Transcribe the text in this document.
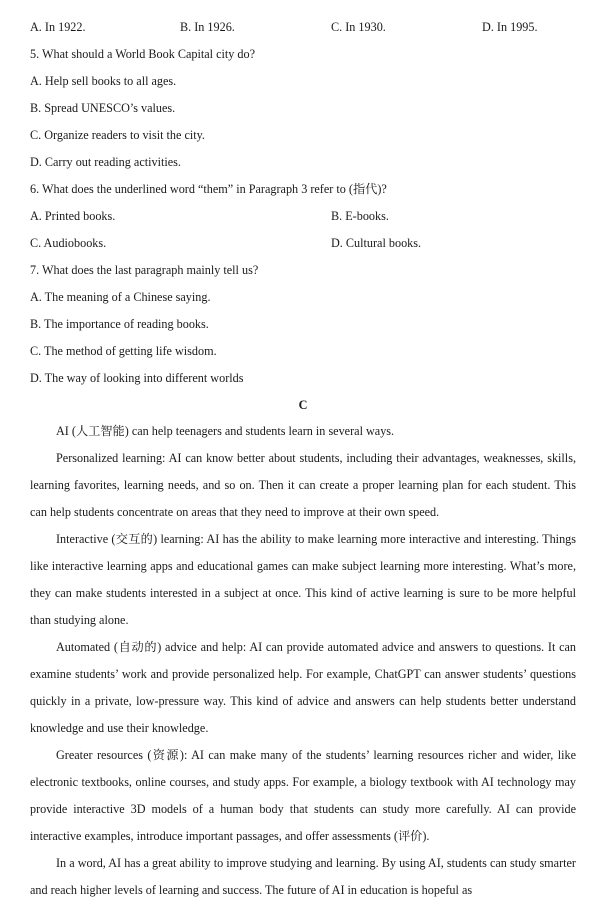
A. In 1922.	B. In 1926.	C. In 1930.	D. In 1995.
5. What should a World Book Capital city do?
A. Help sell books to all ages.
B. Spread UNESCO’s values.
C. Organize readers to visit the city.
D. Carry out reading activities.
6. What does the underlined word “them” in Paragraph 3 refer to (指代)?
A. Printed books.	B. E-books.
C. Audiobooks.	D. Cultural books.
7. What does the last paragraph mainly tell us?
A. The meaning of a Chinese saying.
B. The importance of reading books.
C. The method of getting life wisdom.
D. The way of looking into different worlds
C
AI (人工智能) can help teenagers and students learn in several ways.
Personalized learning: AI can know better about students, including their advantages, weaknesses, skills, learning favorites, learning needs, and so on. Then it can create a proper learning plan for each student. This can help students concentrate on areas that they need to improve at their own speed.
Interactive (交互的) learning: AI has the ability to make learning more interactive and interesting. Things like interactive learning apps and educational games can make subject learning more interesting. What’s more, they can make students interested in a subject at once. This kind of active learning is sure to be more helpful than studying alone.
Automated (自动的) advice and help: AI can provide automated advice and answers to questions. It can examine students’ work and provide personalized help. For example, ChatGPT can answer students’ questions quickly in a private, low-pressure way. This kind of advice and answers can help students better understand knowledge and use their knowledge.
Greater resources (资源): AI can make many of the students’ learning resources richer and wider, like electronic textbooks, online courses, and study apps. For example, a biology textbook with AI technology may provide interactive 3D models of a human body that students can study more carefully. AI can provide interactive examples, introduce important passages, and offer assessments (评价).
In a word, AI has a great ability to improve studying and learning. By using AI, students can study smarter and reach higher levels of learning and success. The future of AI in education is hopeful as
